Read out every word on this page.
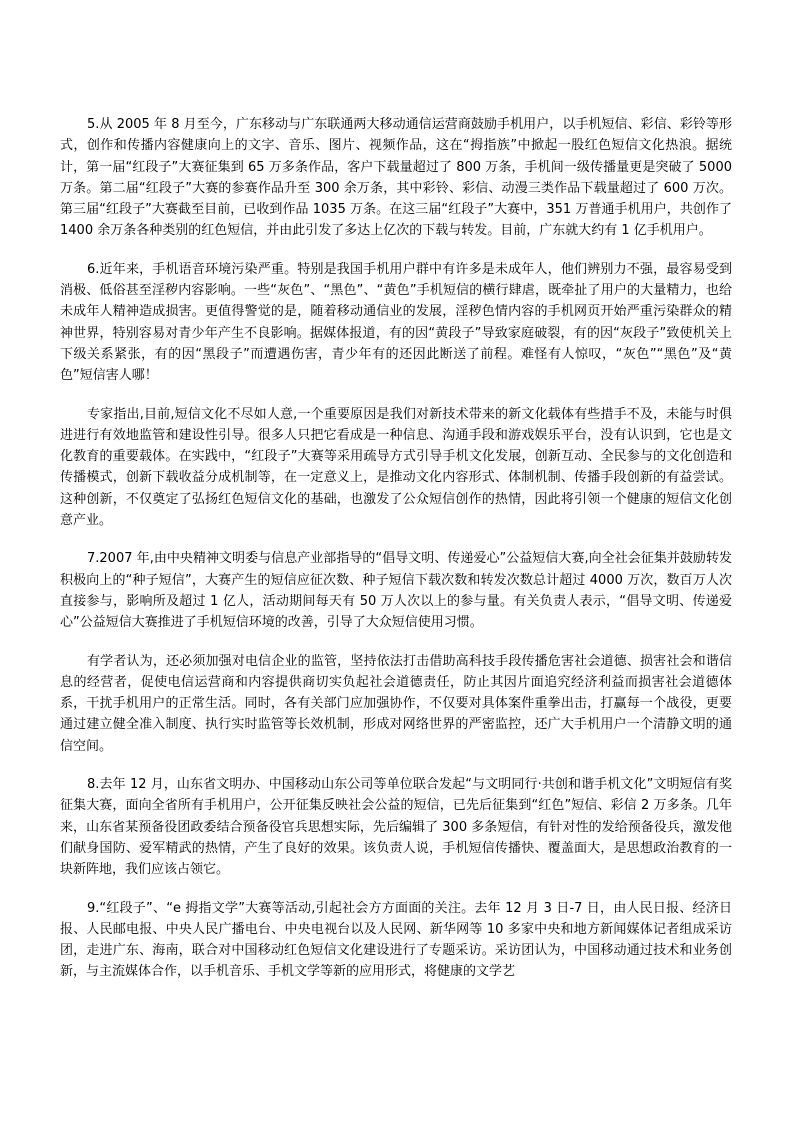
5.从 2005 年 8 月至今，广东移动与广东联通两大移动通信运营商鼓励手机用户，以手机短信、彩信、彩铃等形式，创作和传播内容健康向上的文字、音乐、图片、视频作品，这在“拇指族”中掀起一股红色短信文化热浪。据统计，第一届“红段子”大赛征集到 65 万多条作品，客户下载量超过了 800 万条，手机间一级传播量更是突破了 5000 万条。第二届“红段子”大赛的参赛作品升至 300 余万条，其中彩铃、彩信、动漫三类作品下载量超过了 600 万次。第三届“红段子”大赛截至目前，已收到作品 1035 万条。在这三届“红段子”大赛中，351 万普通手机用户，共创作了 1400 余万条各种类别的红色短信，并由此引发了多达上亿次的下载与转发。目前，广东就大约有 1 亿手机用户。

6.近年来，手机语音环境污染严重。特别是我国手机用户群中有许多是未成年人，他们辨别力不强，最容易受到消极、低俗甚至淫秽内容影响。一些“灰色”、“黑色”、“黄色”手机短信的横行肆虐，既牵扯了用户的大量精力，也给未成年人精神造成损害。更值得警觉的是，随着移动通信业的发展，淫秽色情内容的手机网页开始严重污染群众的精神世界，特别容易对青少年产生不良影响。据媒体报道，有的因“黄段子”导致家庭破裂，有的因“灰段子”致使机关上下级关系紧张，有的因“黑段子”而遭遇伤害，青少年有的还因此断送了前程。难怪有人惊叹，“灰色”“黑色”及“黄色”短信害人哪！

专家指出,目前,短信文化不尽如人意,一个重要原因是我们对新技术带来的新文化载体有些措手不及，未能与时俱进进行有效地监管和建设性引导。很多人只把它看成是一种信息、沟通手段和游戏娱乐平台，没有认识到，它也是文化教育的重要载体。在实践中，“红段子”大赛等采用疏导方式引导手机文化发展，创新互动、全民参与的文化创造和传播模式，创新下载收益分成机制等，在一定意义上，是推动文化内容形式、体制机制、传播手段创新的有益尝试。这种创新，不仅奠定了弘扬红色短信文化的基础，也激发了公众短信创作的热情，因此将引领一个健康的短信文化创意产业。

7.2007 年,由中央精神文明委与信息产业部指导的“倡导文明、传递爱心”公益短信大赛,向全社会征集并鼓励转发积极向上的“种子短信”，大赛产生的短信应征次数、种子短信下载次数和转发次数总计超过 4000 万次，数百万人次直接参与，影响所及超过 1 亿人，活动期间每天有 50 万人次以上的参与量。有关负责人表示，“倡导文明、传递爱心”公益短信大赛推进了手机短信环境的改善，引导了大众短信使用习惯。

有学者认为，还必须加强对电信企业的监管，坚持依法打击借助高科技手段传播危害社会道德、损害社会和谐信息的经营者，促使电信运营商和内容提供商切实负起社会道德责任，防止其因片面追究经济利益而损害社会道德体系，干扰手机用户的正常生活。同时，各有关部门应加强协作，不仅要对具体案件重拳出击，打赢每一个战役，更要通过建立健全准入制度、执行实时监管等长效机制，形成对网络世界的严密监控，还广大手机用户一个清静文明的通信空间。

8.去年 12 月，山东省文明办、中国移动山东公司等单位联合发起“与文明同行·共创和谐手机文化”文明短信有奖征集大赛，面向全省所有手机用户，公开征集反映社会公益的短信，已先后征集到“红色”短信、彩信 2 万多条。几年来，山东省某预备役团政委结合预备役官兵思想实际，先后编辑了 300 多条短信，有针对性的发给预备役兵，激发他们献身国防、爱军精武的热情，产生了良好的效果。该负责人说，手机短信传播快、覆盖面大，是思想政治教育的一块新阵地，我们应该占领它。

9.“红段子”、“e 拇指文学”大赛等活动,引起社会方方面面的关注。去年 12 月 3 日-7 日，由人民日报、经济日报、人民邮电报、中央人民广播电台、中央电视台以及人民网、新华网等 10 多家中央和地方新闻媒体记者组成采访团，走进广东、海南，联合对中国移动红色短信文化建设进行了专题采访。采访团认为，中国移动通过技术和业务创新，与主流媒体合作，以手机音乐、手机文学等新的应用形式，将健康的文学艺
